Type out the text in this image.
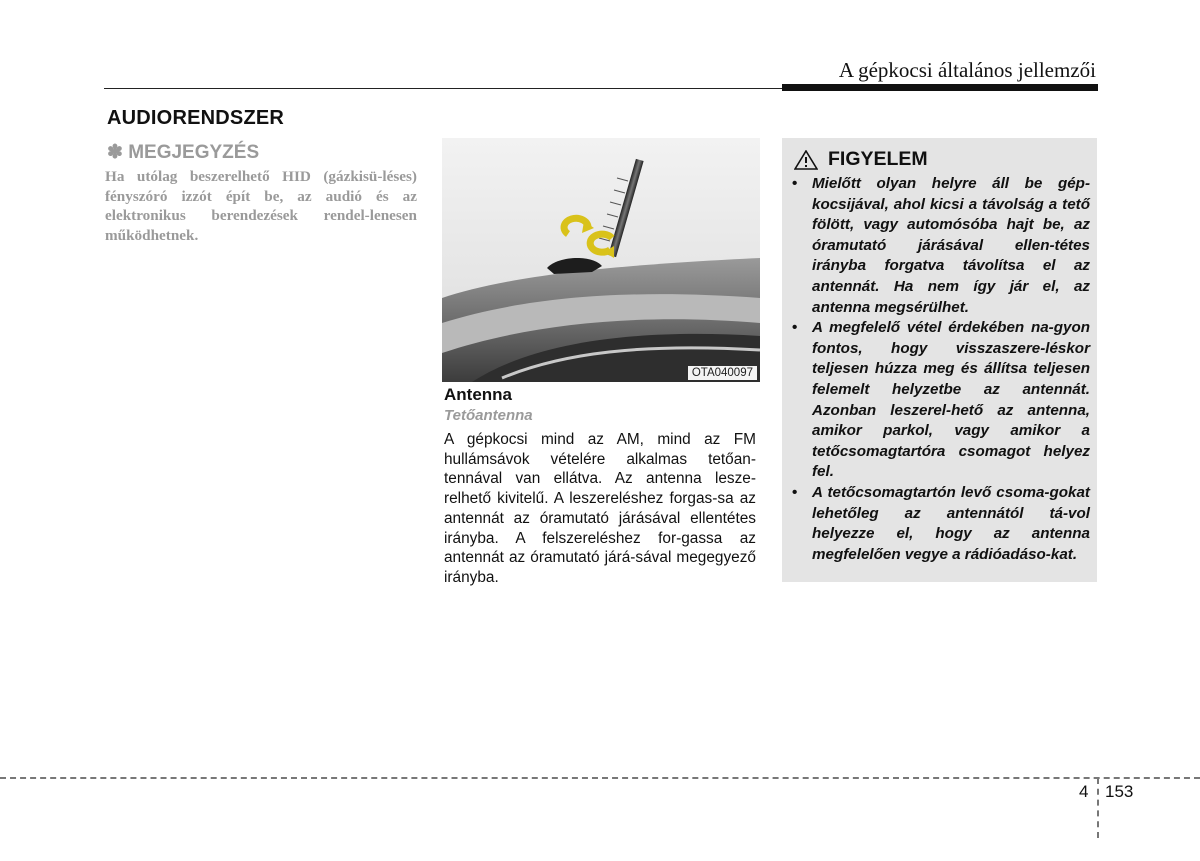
A gépkocsi általános jellemzői
AUDIORENDSZER
✽ MEGJEGYZÉS
Ha utólag beszerelhető HID (gázkisü-léses) fényszóró izzót épít be, az audió és az elektronikus berendezések rendel-lenesen működhetnek.
OTA040097
Antenna
Tetőantenna
A gépkocsi mind az AM, mind az FM hullámsávok vételére alkalmas tetőan-tennával van ellátva. Az antenna lesze-relhető kivitelű. A leszereléshez forgas-sa az antennát az óramutató járásával ellentétes irányba. A felszereléshez for-gassa az antennát az óramutató járá-sával megegyező irányba.
FIGYELEM
• Mielőtt olyan helyre áll be gép-kocsijával, ahol kicsi a távolság a tető fölött, vagy automósóba hajt be, az óramutató járásával ellen-tétes irányba forgatva távolítsa el az antennát. Ha nem így jár el, az antenna megsérülhet.
• A megfelelő vétel érdekében na-gyon fontos, hogy visszaszere-léskor teljesen húzza meg és állítsa teljesen felemelt helyzetbe az antennát. Azonban leszerel-hető az antenna, amikor parkol, vagy amikor a tetőcsomagtartóra csomagot helyez fel.
• A tetőcsomagtartón levő csoma-gokat lehetőleg az antennától tá-vol helyezze el, hogy az antenna megfelelően vegye a rádióadáso-kat.
4 153
